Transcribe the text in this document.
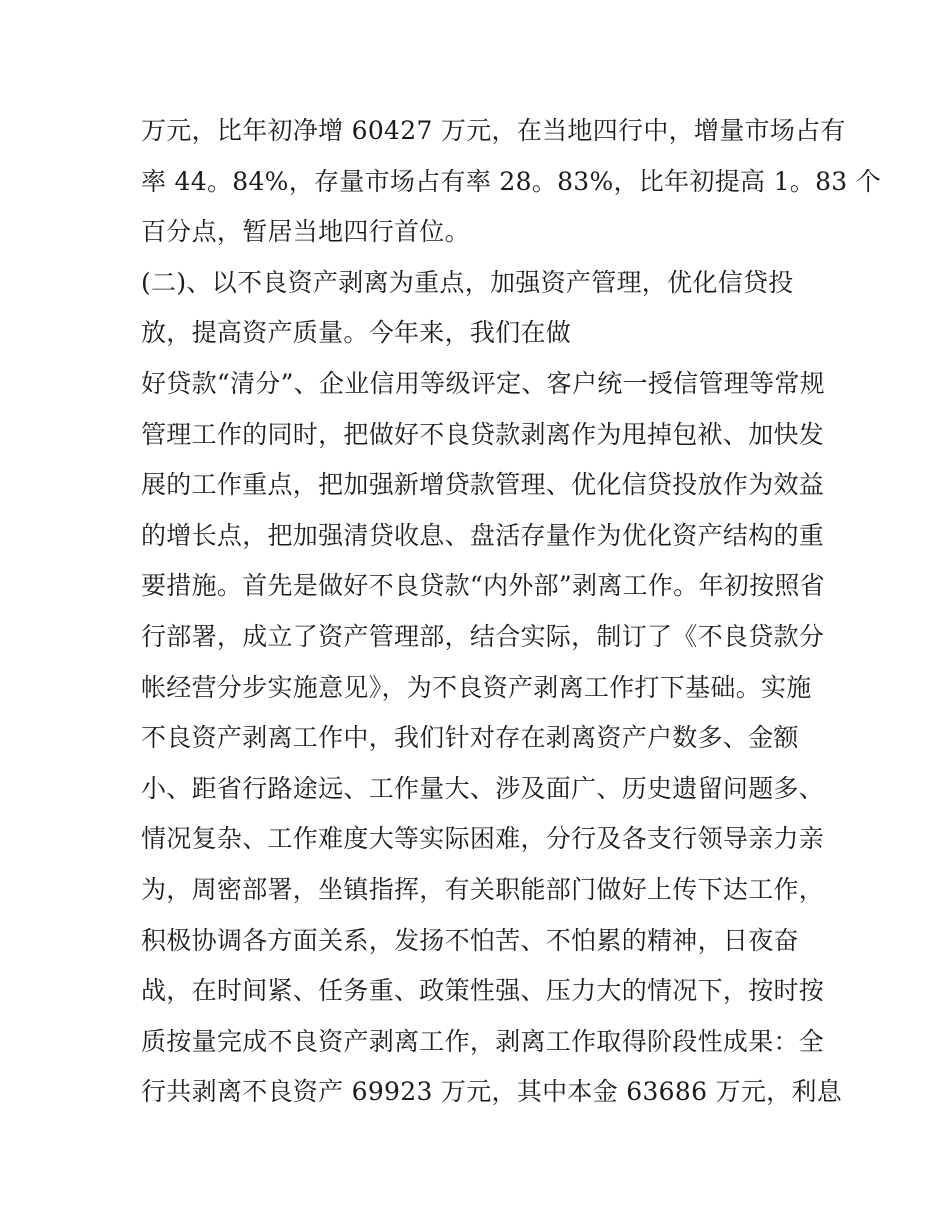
万元，比年初净增 60427 万元，在当地四行中，增量市场占有
率 44。84%，存量市场占有率 28。83%，比年初提高 1。83 个
百分点，暂居当地四行首位。
(二)、以不良资产剥离为重点，加强资产管理，优化信贷投
放，提高资产质量。今年来，我们在做
好贷款“清分”、企业信用等级评定、客户统一授信管理等常规
管理工作的同时，把做好不良贷款剥离作为甩掉包袱、加快发
展的工作重点，把加强新增贷款管理、优化信贷投放作为效益
的增长点，把加强清贷收息、盘活存量作为优化资产结构的重
要措施。首先是做好不良贷款“内外部”剥离工作。年初按照省
行部署，成立了资产管理部，结合实际，制订了《不良贷款分
帐经营分步实施意见》，为不良资产剥离工作打下基础。实施
不良资产剥离工作中，我们针对存在剥离资产户数多、金额
小、距省行路途远、工作量大、涉及面广、历史遗留问题多、
情况复杂、工作难度大等实际困难，分行及各支行领导亲力亲
为，周密部署，坐镇指挥，有关职能部门做好上传下达工作，
积极协调各方面关系，发扬不怕苦、不怕累的精神，日夜奋
战，在时间紧、任务重、政策性强、压力大的情况下，按时按
质按量完成不良资产剥离工作，剥离工作取得阶段性成果：全
行共剥离不良资产 69923 万元，其中本金 63686 万元，利息
